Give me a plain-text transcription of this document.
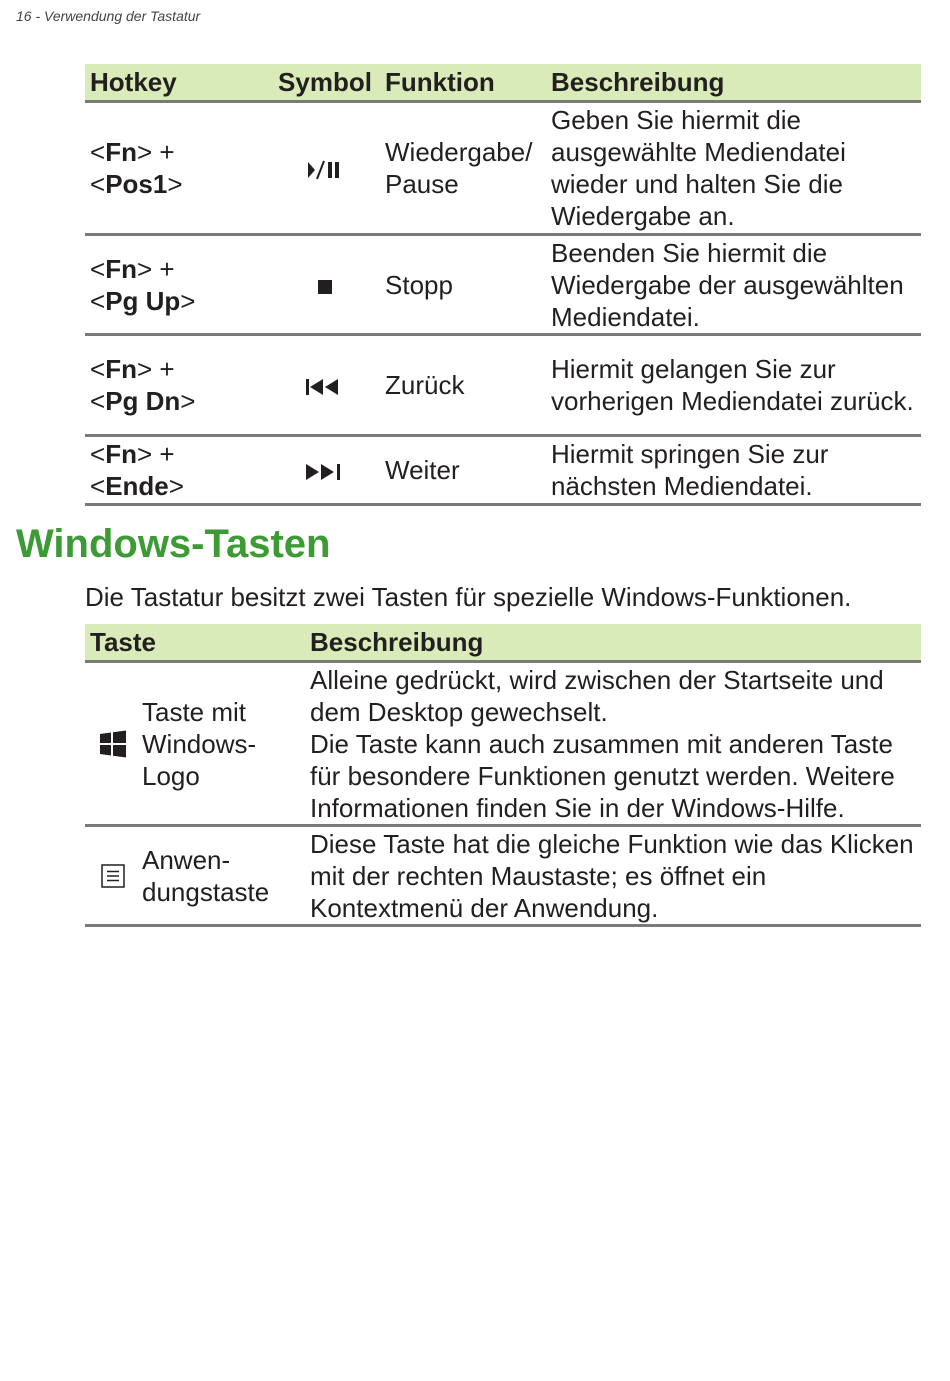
16 - Verwendung der Tastatur
Hotkey	Symbol	Funktion	Beschreibung
<Fn> +
<Pos1>		Wiedergabe/ Pause	Geben Sie hiermit die ausgewählte Mediendatei wieder und halten Sie die Wiedergabe an.
<Fn> +
<Pg Up>		Stopp	Beenden Sie hiermit die Wiedergabe der ausgewählten Mediendatei.
<Fn> +
<Pg Dn>		Zurück	Hiermit gelangen Sie zur vorherigen Mediendatei zurück.
<Fn> +
<Ende>		Weiter	Hiermit springen Sie zur nächsten Mediendatei.
Windows-Tasten

Die Tastatur besitzt zwei Tasten für spezielle Windows-Funktionen.

Taste	Beschreibung

Taste mit Windows-Logo	Alleine gedrückt, wird zwischen der Startseite und dem Desktop gewechselt.
Die Taste kann auch zusammen mit anderen Taste für besondere Funktionen genutzt werden. Weitere Informationen finden Sie in der Windows-Hilfe.

Anwen- dungstaste	Diese Taste hat die gleiche Funktion wie das Klicken mit der rechten Maustaste; es öffnet ein Kontextmenü der Anwendung.
